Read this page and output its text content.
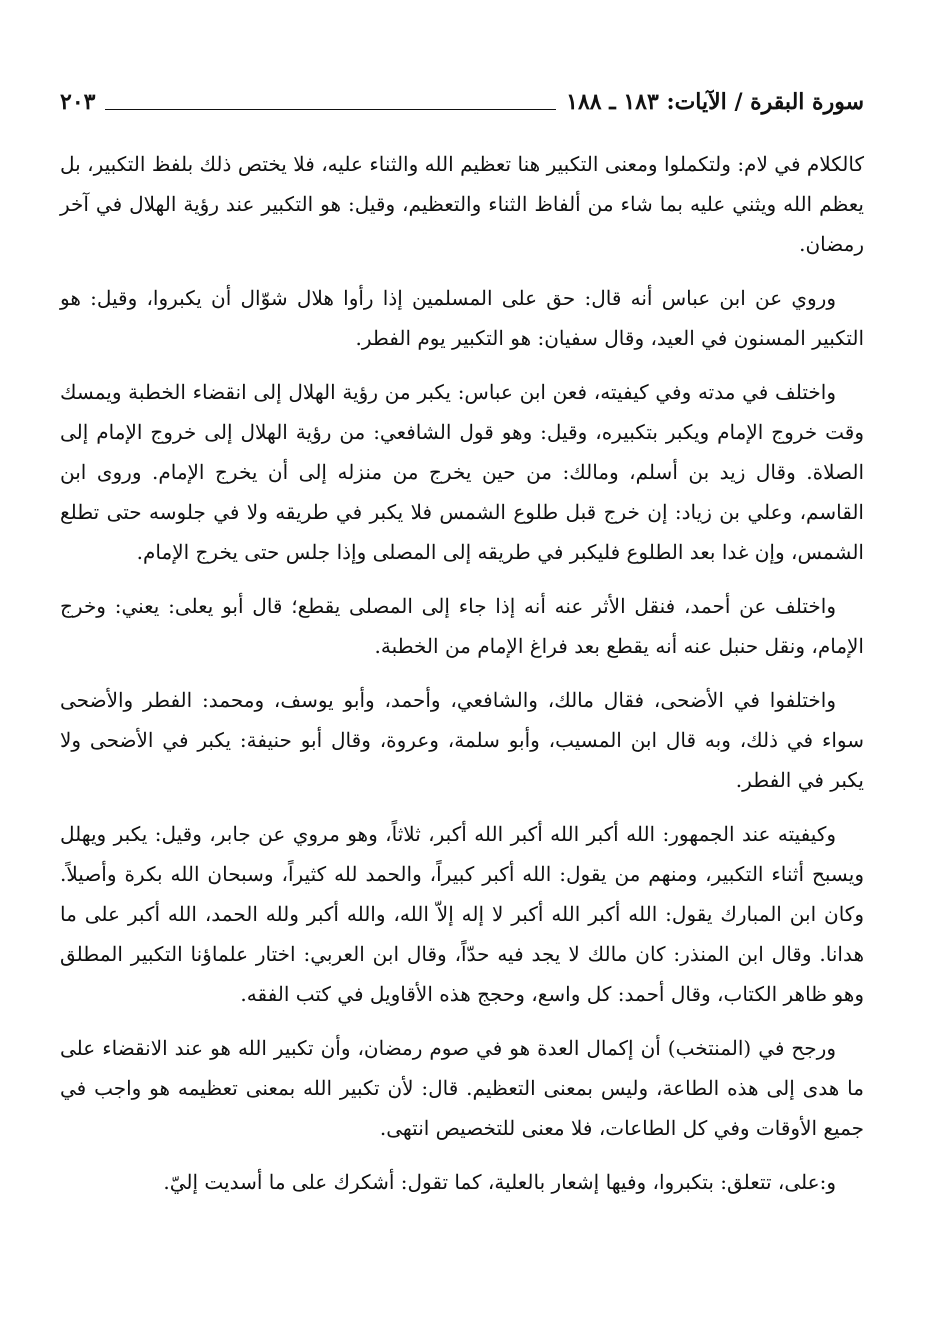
سورة البقرة / الآيات: ١٨٣ ـ ١٨٨
٢٠٣

كالكلام في لام: ولتكملوا ومعنى التكبير هنا تعظيم الله والثناء عليه، فلا يختص ذلك بلفظ التكبير، بل يعظم الله ويثني عليه بما شاء من ألفاظ الثناء والتعظيم، وقيل: هو التكبير عند رؤية الهلال في آخر رمضان.

وروي عن ابن عباس أنه قال: حق على المسلمين إذا رأوا هلال شوّال أن يكبروا، وقيل: هو التكبير المسنون في العيد، وقال سفيان: هو التكبير يوم الفطر.

واختلف في مدته وفي كيفيته، فعن ابن عباس: يكبر من رؤية الهلال إلى انقضاء الخطبة ويمسك وقت خروج الإمام ويكبر بتكبيره، وقيل: وهو قول الشافعي: من رؤية الهلال إلى خروج الإمام إلى الصلاة. وقال زيد بن أسلم، ومالك: من حين يخرج من منزله إلى أن يخرج الإمام. وروى ابن القاسم، وعلي بن زياد: إن خرج قبل طلوع الشمس فلا يكبر في طريقه ولا في جلوسه حتى تطلع الشمس، وإن غدا بعد الطلوع فليكبر في طريقه إلى المصلى وإذا جلس حتى يخرج الإمام.

واختلف عن أحمد، فنقل الأثر عنه أنه إذا جاء إلى المصلى يقطع؛ قال أبو يعلى: يعني: وخرج الإمام، ونقل حنبل عنه أنه يقطع بعد فراغ الإمام من الخطبة.

واختلفوا في الأضحى، فقال مالك، والشافعي، وأحمد، وأبو يوسف، ومحمد: الفطر والأضحى سواء في ذلك، وبه قال ابن المسيب، وأبو سلمة، وعروة، وقال أبو حنيفة: يكبر في الأضحى ولا يكبر في الفطر.

وكيفيته عند الجمهور: الله أكبر الله أكبر الله أكبر، ثلاثاً، وهو مروي عن جابر، وقيل: يكبر ويهلل ويسبح أثناء التكبير، ومنهم من يقول: الله أكبر كبيراً، والحمد لله كثيراً، وسبحان الله بكرة وأصيلاً. وكان ابن المبارك يقول: الله أكبر الله أكبر لا إله إلاّ الله، والله أكبر ولله الحمد، الله أكبر على ما هدانا. وقال ابن المنذر: كان مالك لا يجد فيه حدّاً، وقال ابن العربي: اختار علماؤنا التكبير المطلق وهو ظاهر الكتاب، وقال أحمد: كل واسع، وحجج هذه الأقاويل في كتب الفقه.

ورجح في (المنتخب) أن إكمال العدة هو في صوم رمضان، وأن تكبير الله هو عند الانقضاء على ما هدى إلى هذه الطاعة، وليس بمعنى التعظيم. قال: لأن تكبير الله بمعنى تعظيمه هو واجب في جميع الأوقات وفي كل الطاعات، فلا معنى للتخصيص انتهى.

و:على، تتعلق: بتكبروا، وفيها إشعار بالعلية، كما تقول: أشكرك على ما أسديت إليّ.
